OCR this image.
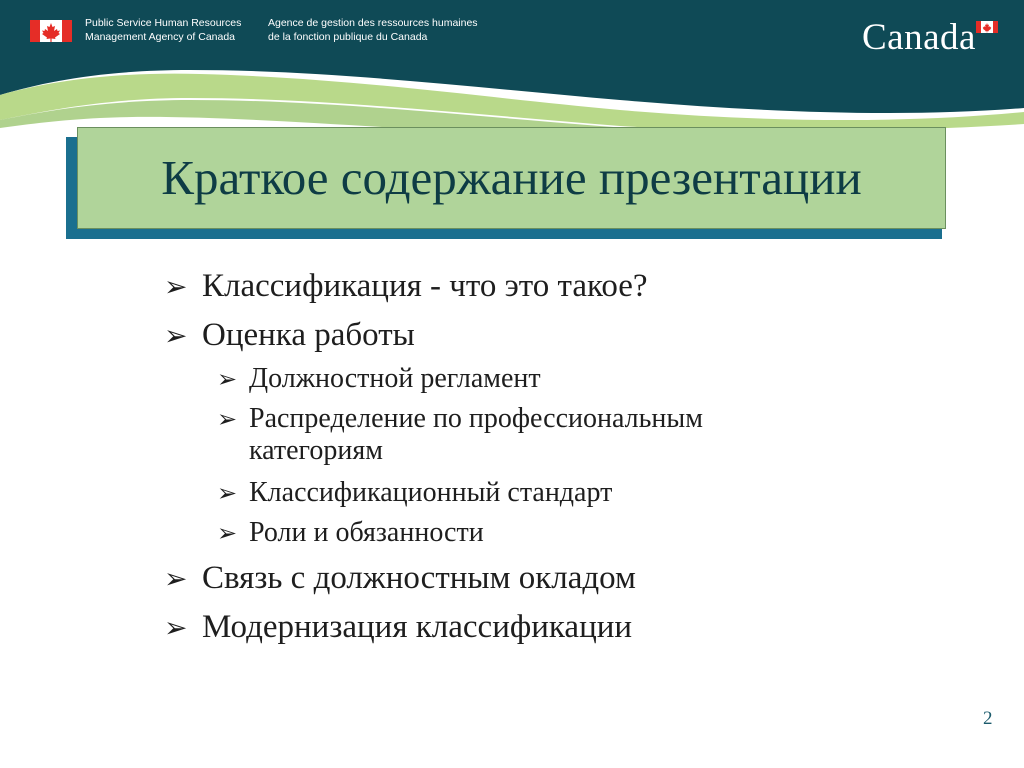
Public Service Human Resources
Management Agency of Canada
Agence de gestion des ressources humaines
de la fonction publique du Canada	Canada
Краткое содержание презентации
➢ Классификация - что это такое?
➢ Оценка работы
➢ Должностной регламент
➢ Распределение по профессиональным
категориям
➢ Классификационный стандарт
➢ Роли и обязанности
➢ Связь с должностным окладом
➢ Модернизация классификации
2
